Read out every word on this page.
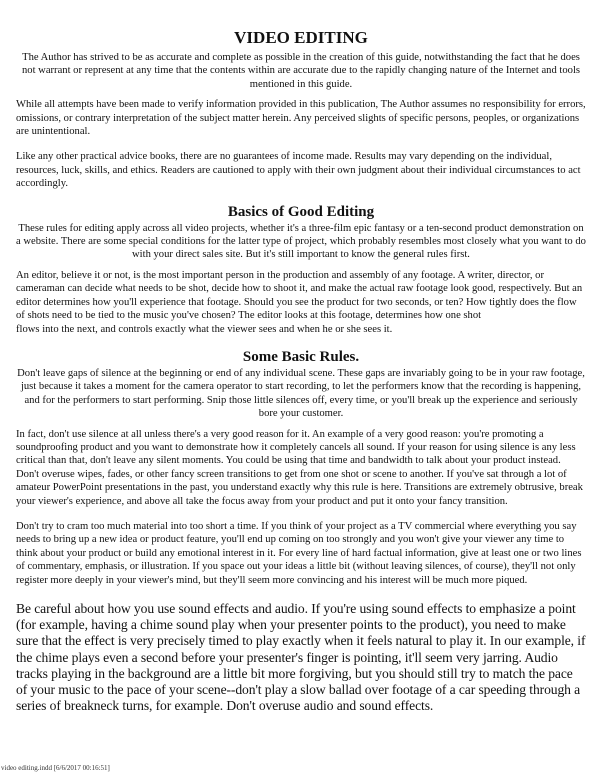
VIDEO EDITING

The Author has strived to be as accurate and complete as possible in the creation of this guide, notwithstanding the fact that he does not warrant or represent at any time that the contents within are accurate due to the rapidly changing nature of the Internet and tools mentioned in this guide.

While all attempts have been made to verify information provided in this publication, The Author assumes no responsibility for errors, omissions, or contrary interpretation of the subject matter herein. Any perceived slights of specific persons, peoples, or organizations are unintentional.

Like any other practical advice books, there are no guarantees of income made. Results may vary depending on the individual, resources, luck, skills, and ethics. Readers are cautioned to apply with their own judgment about their individual circumstances to act accordingly.

Basics of Good Editing

These rules for editing apply across all video projects, whether it's a three-film epic fantasy or a ten-second product demonstration on a website. There are some special conditions for the latter type of project, which probably resembles most closely what you want to do with your direct sales site. But it's still important to know the general rules first.

An editor, believe it or not, is the most important person in the production and assembly of any footage. A writer, director, or cameraman can decide what needs to be shot, decide how to shoot it, and make the actual raw footage look good, respectively. But an editor determines how you'll experience that footage. Should you see the product for two seconds, or ten? How tightly does the flow of shots need to be tied to the music you've chosen? The editor looks at this footage, determines how one shot

flows into the next, and controls exactly what the viewer sees and when he or she sees it.

Some Basic Rules.

Don't leave gaps of silence at the beginning or end of any individual scene. These gaps are invariably going to be in your raw footage, just because it takes a moment for the camera operator to start recording, to let the performers know that the recording is happening, and for the performers to start performing. Snip those little silences off, every time, or you'll break up the experience and seriously bore your customer.

In fact, don't use silence at all unless there's a very good reason for it. An example of a very good reason: you're promoting a soundproofing product and you want to demonstrate how it completely cancels all sound. If your reason for using silence is any less critical than that, don't leave any silent moments. You could be using that time and bandwidth to talk about your product instead.

Don't overuse wipes, fades, or other fancy screen transitions to get from one shot or scene to another. If you've sat through a lot of amateur PowerPoint presentations in the past, you understand exactly why this rule is here. Transitions are extremely obtrusive, break your viewer's experience, and above all take the focus away from your product and put it onto your fancy transition.

Don't try to cram too much material into too short a time. If you think of your project as a TV commercial where everything you say needs to bring up a new idea or product feature, you'll end up coming on too strongly and you won't give your viewer any time to think about your product or build any emotional interest in it. For every line of hard factual information, give at least one or two lines of commentary, emphasis, or illustration. If you space out your ideas a little bit (without leaving silences, of course), they'll not only register more deeply in your viewer's mind, but they'll seem more convincing and his interest will be much more piqued.

Be careful about how you use sound effects and audio. If you're using sound effects to emphasize a point (for example, having a chime sound play when your presenter points to the product), you need to make sure that the effect is very precisely timed to play exactly when it feels natural to play it. In our example, if the chime plays even a second before your presenter's finger is pointing, it'll seem very jarring. Audio tracks playing in the background are a little bit more forgiving, but you should still try to match the pace of your music to the pace of your scene--don't play a slow ballad over footage of a car speeding through a series of breakneck turns, for example. Don't overuse audio and sound effects.

video editing.indd [6/6/2017 00:16:51]
